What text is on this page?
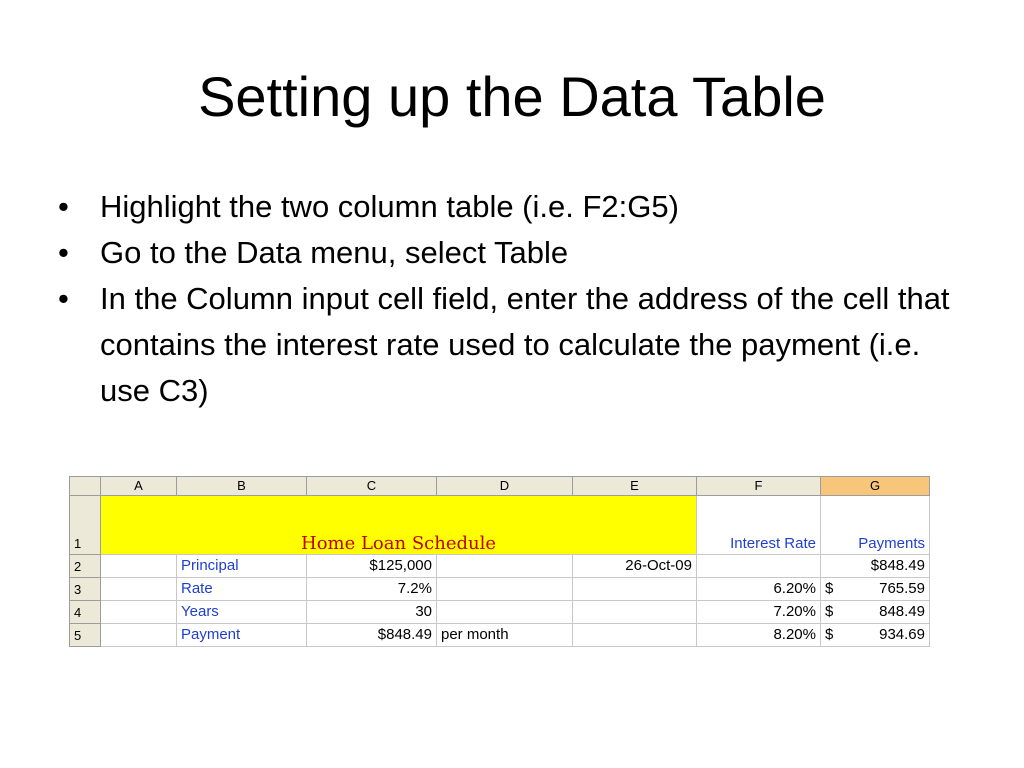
Setting up the Data Table
• Highlight the two column table (i.e. F2:G5)
• Go to the Data menu, select Table
• In the Column input cell field, enter the address of the cell that contains the interest rate used to calculate the payment (i.e. use C3)
	A	B	C	D	E	F	G
1	Home Loan Schedule					Interest Rate	Payments
2		Principal	$125,000		26-Oct-09		$848.49

3		Rate	7.2%			6.20%	$ 765.59

4		Years	30			7.20%	$ 848.49

5		Payment	$848.49	per month		8.20%	$ 934.69
